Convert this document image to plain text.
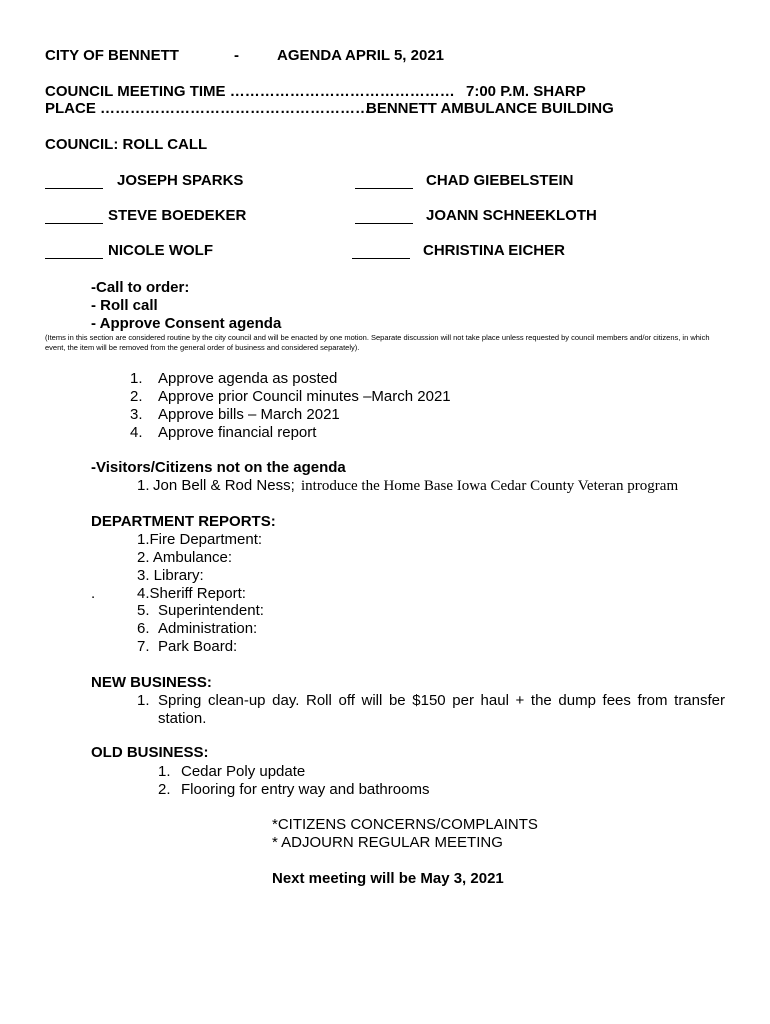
CITY OF BENNETT	-	AGENDA APRIL 5, 2021
COUNCIL MEETING TIME ……………………………………… 7:00 P.M. SHARP
PLACE ………………………………………………
BENNETT AMBULANCE BUILDING
COUNCIL: ROLL CALL
JOSEPH SPARKS	CHAD GIEBELSTEIN
STEVE BOEDEKER	JOANN SCHNEEKLOTH
NICOLE WOLF	CHRISTINA EICHER
-Call to order:
- Roll call
- Approve Consent agenda
(Items in this section are considered routine by the city council and will be enacted by one motion. Separate discussion will not take place unless requested by council members and/or citizens, in which event, the item will be removed from the general order of business and considered separately).
1. Approve agenda as posted
2. Approve prior Council minutes –March 2021
3. Approve bills – March 2021
4. Approve financial report
-Visitors/Citizens not on the agenda
1. Jon Bell & Rod Ness; introduce the Home Base Iowa Cedar County Veteran program
DEPARTMENT REPORTS:
1.Fire Department:
2. Ambulance:
3. Library:
.	4.Sheriff Report:
5. Superintendent:
6. Administration:
7. Park Board:
NEW BUSINESS:
1. Spring clean-up day. Roll off will be $150 per haul + the dump fees from transfer
station.
OLD BUSINESS:
1. Cedar Poly update
2. Flooring for entry way and bathrooms
*CITIZENS CONCERNS/COMPLAINTS
* ADJOURN REGULAR MEETING
Next meeting will be May 3, 2021
